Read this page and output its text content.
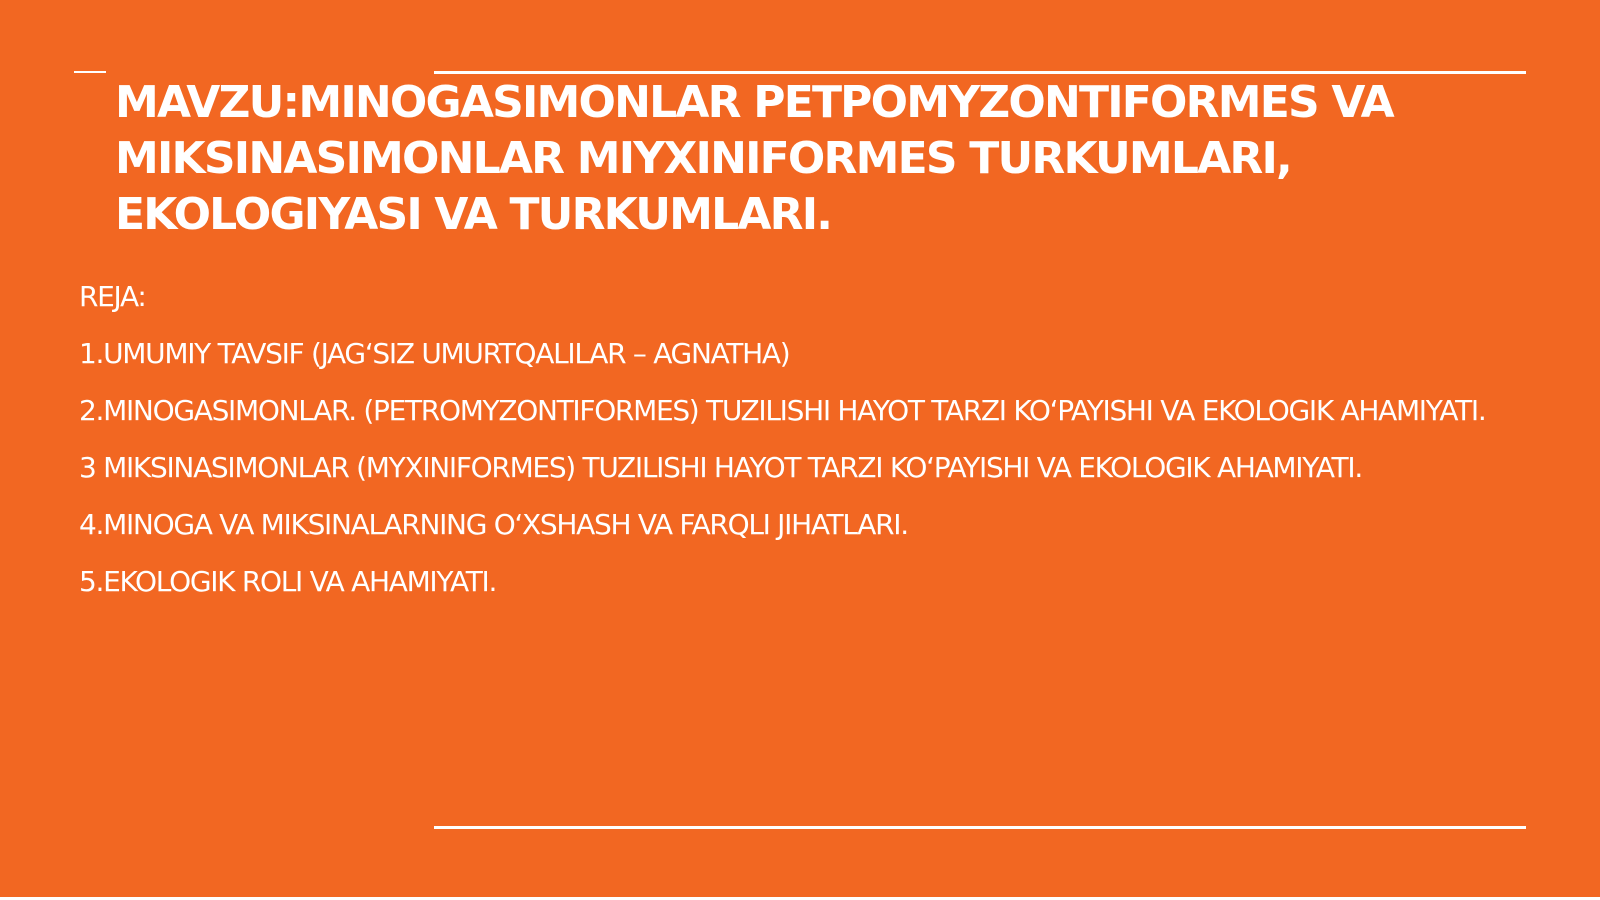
MAVZU:MINOGASIMONLAR PETPOMYZONTIFORMES VA MIKSINASIMONLAR MIYXINIFORMES TURKUMLARI, EKOLOGIYASI VA TURKUMLARI.

REJA:

1.UMUMIY TAVSIF (JAG‘SIZ UMURTQALILAR – AGNATHA)

2.MINOGASIMONLAR. (PETROMYZONTIFORMES) TUZILISHI HAYOT TARZI KO‘PAYISHI VA EKOLOGIK AHAMIYATI.

3 MIKSINASIMONLAR (MYXINIFORMES) TUZILISHI HAYOT TARZI KO‘PAYISHI VA EKOLOGIK AHAMIYATI.

4.MINOGA VA MIKSINALARNING O‘XSHASH VA FARQLI JIHATLARI.

5.EKOLOGIK ROLI VA AHAMIYATI.
